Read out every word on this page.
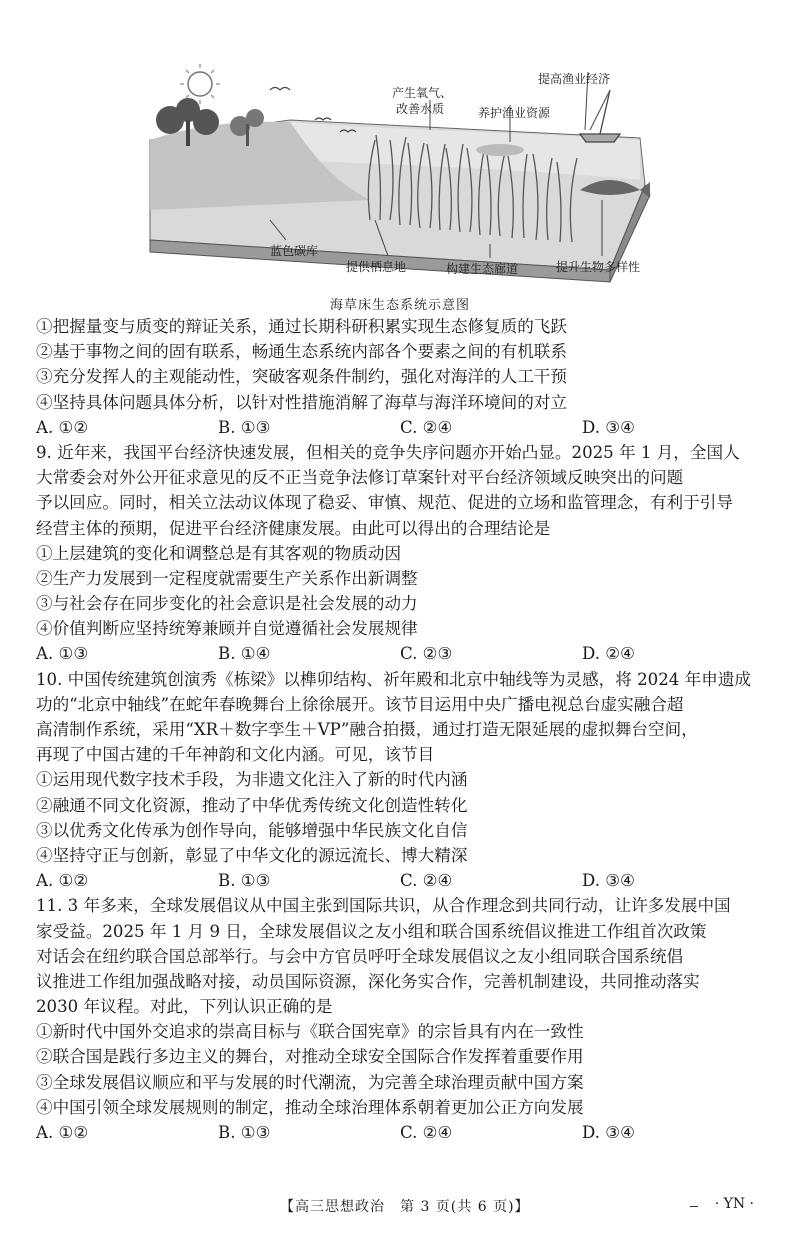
产生氧气、
改善水质	养护渔业资源
提高渔业经济
蓝色碳库
提供栖息地	构建生态廊道	提升生物多样性
海草床生态系统示意图
①把握量变与质变的辩证关系，通过长期科研积累实现生态修复质的飞跃
②基于事物之间的固有联系，畅通生态系统内部各个要素之间的有机联系
③充分发挥人的主观能动性，突破客观条件制约，强化对海洋的人工干预
④坚持具体问题具体分析，以针对性措施消解了海草与海洋环境间的对立
A. ①②	B. ①③	C. ②④	D. ③④
9. 近年来，我国平台经济快速发展，但相关的竞争失序问题亦开始凸显。2025 年 1 月，全国人
大常委会对外公开征求意见的反不正当竞争法修订草案针对平台经济领域反映突出的问题
予以回应。同时，相关立法动议体现了稳妥、审慎、规范、促进的立场和监管理念，有利于引导
经营主体的预期，促进平台经济健康发展。由此可以得出的合理结论是
①上层建筑的变化和调整总是有其客观的物质动因
②生产力发展到一定程度就需要生产关系作出新调整
③与社会存在同步变化的社会意识是社会发展的动力
④价值判断应坚持统筹兼顾并自觉遵循社会发展规律
A. ①③	B. ①④	C. ②③	D. ②④
10. 中国传统建筑创演秀《栋梁》以榫卯结构、祈年殿和北京中轴线等为灵感，将 2024 年申遗成
功的“北京中轴线”在蛇年春晚舞台上徐徐展开。该节目运用中央广播电视总台虚实融合超
高清制作系统，采用“XR＋数字孪生＋VP”融合拍摄，通过打造无限延展的虚拟舞台空间，
再现了中国古建的千年神韵和文化内涵。可见，该节目
①运用现代数字技术手段，为非遗文化注入了新的时代内涵
②融通不同文化资源，推动了中华优秀传统文化创造性转化
③以优秀文化传承为创作导向，能够增强中华民族文化自信
④坚持守正与创新，彰显了中华文化的源远流长、博大精深
A. ①②	B. ①③	C. ②④	D. ③④
11. 3 年多来，全球发展倡议从中国主张到国际共识，从合作理念到共同行动，让许多发展中国
家受益。2025 年 1 月 9 日，全球发展倡议之友小组和联合国系统倡议推进工作组首次政策
对话会在纽约联合国总部举行。与会中方官员呼吁全球发展倡议之友小组同联合国系统倡
议推进工作组加强战略对接，动员国际资源，深化务实合作，完善机制建设，共同推动落实
2030 年议程。对此，下列认识正确的是
①新时代中国外交追求的崇高目标与《联合国宪章》的宗旨具有内在一致性
②联合国是践行多边主义的舞台，对推动全球安全国际合作发挥着重要作用
③全球发展倡议顺应和平与发展的时代潮流，为完善全球治理贡献中国方案
④中国引领全球发展规则的制定，推动全球治理体系朝着更加公正方向发展
A. ①②	B. ①③	C. ②④	D. ③④
【高三思想政治　第 3 页(共 6 页)】	· YN ·
